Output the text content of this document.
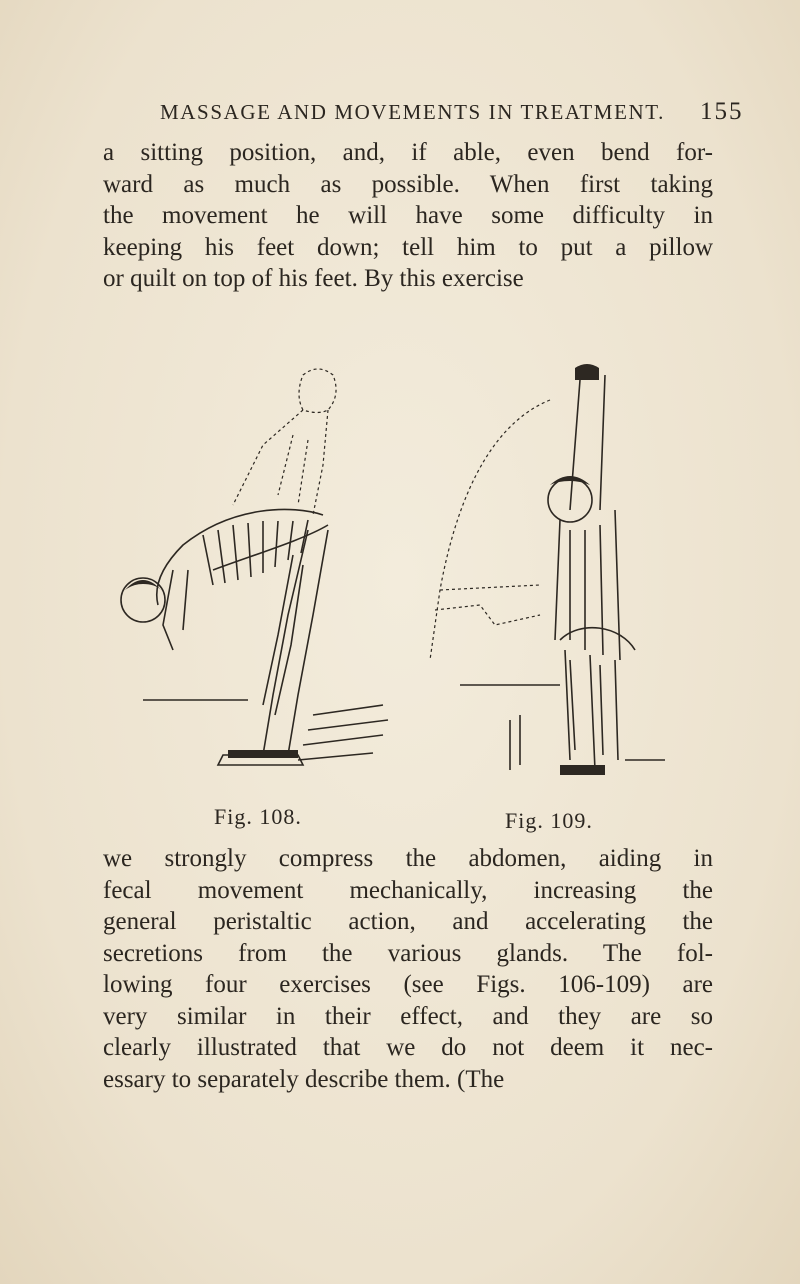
MASSAGE AND MOVEMENTS IN TREATMENT. 155
a sitting position, and, if able, even bend for-
ward as much as possible. When first taking
the movement he will have some difficulty in
keeping his feet down; tell him to put a pillow
or quilt on top of his feet. By this exercise
Fig. 108.	Fig. 109.
we strongly compress the abdomen, aiding in
fecal movement mechanically, increasing the
general peristaltic action, and accelerating the
secretions from the various glands. The fol-
lowing four exercises (see Figs. 106-109) are
very similar in their effect, and they are so
clearly illustrated that we do not deem it nec-
essary to separately describe them. (The
